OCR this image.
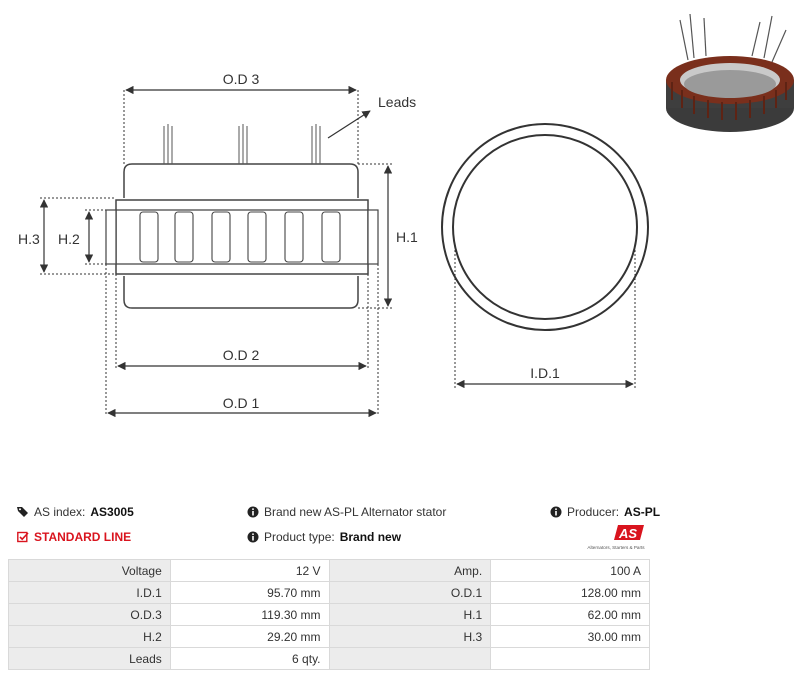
O.D 3
Leads
H.1
H.3 H.2
O.D 2
O.D 1
I.D.1
AS index: AS3005
STANDARD LINE
Brand new AS-PL Alternator stator
Product type: Brand new
Producer: AS-PL
AS
Alternators, Starters & Parts
Voltage	12 V	Amp.	100 A
I.D.1	95.70 mm	O.D.1	128.00 mm
O.D.3	119.30 mm	H.1	62.00 mm
H.2	29.20 mm	H.3	30.00 mm
Leads	6 qty.		
